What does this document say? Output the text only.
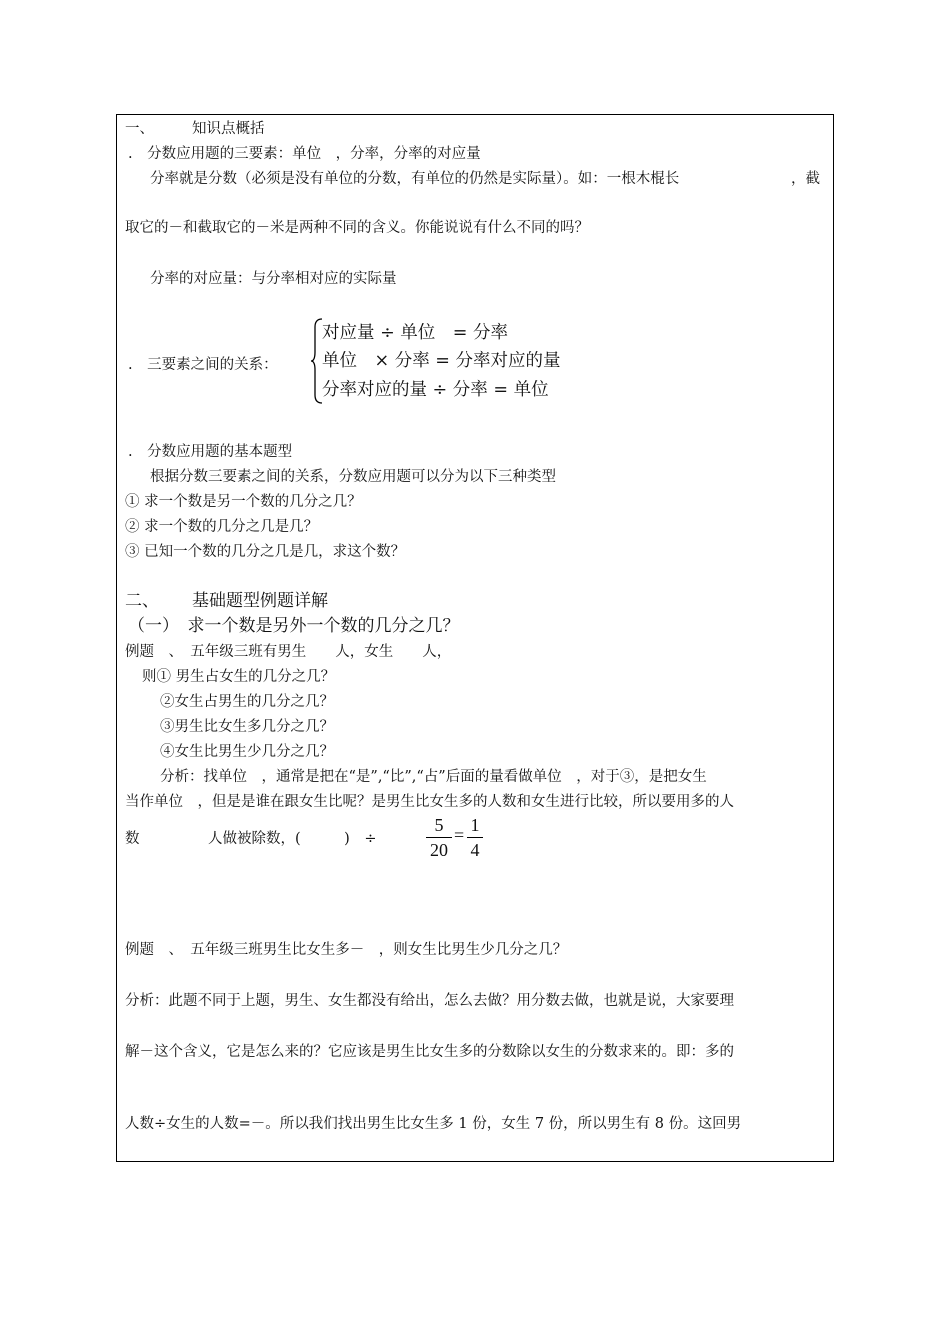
一、	知识点概括
.　分数应用题的三要素：单位　，分率，分率的对应量
分率就是分数（必须是没有单位的分数，有单位的仍然是实际量）。如：一根木棍长	，截
取它的－和截取它的－米是两种不同的含义。你能说说有什么不同的吗？
分率的对应量：与分率相对应的实际量
.　三要素之间的关系：
对应量 ÷ 单位　= 分率
单位　× 分率 = 分率对应的量
分率对应的量 ÷ 分率 = 单位
.　分数应用题的基本题型
根据分数三要素之间的关系，分数应用题可以分为以下三种类型
① 求一个数是另一个数的几分之几？
② 求一个数的几分之几是几？
③ 已知一个数的几分之几是几，求这个数？
二、 基础题型例题详解
（一）　求一个数是另外一个数的几分之几？
例题　、　五年级三班有男生　　人，女生　　人，
则① 男生占女生的几分之几？
②女生占男生的几分之几？
③男生比女生多几分之几？
④女生比男生少几分之几？
分析：找单位　，通常是把在“是”,“比”,“占”后面的量看做单位　，对于③，是把女生
当作单位　，但是是谁在跟女生比呢？是男生比女生多的人数和女生进行比较，所以要用多的人
数	人做被除数，(　　　)　÷
5
20
= 1
4
例题　、　五年级三班男生比女生多－　，则女生比男生少几分之几？
分析：此题不同于上题，男生、女生都没有给出，怎么去做？用分数去做，也就是说，大家要理
解－这个含义，它是怎么来的？它应该是男生比女生多的分数除以女生的分数求来的。即：多的
人数÷女生的人数=－。所以我们找出男生比女生多 1 份，女生 7 份，所以男生有 8 份。这回男
